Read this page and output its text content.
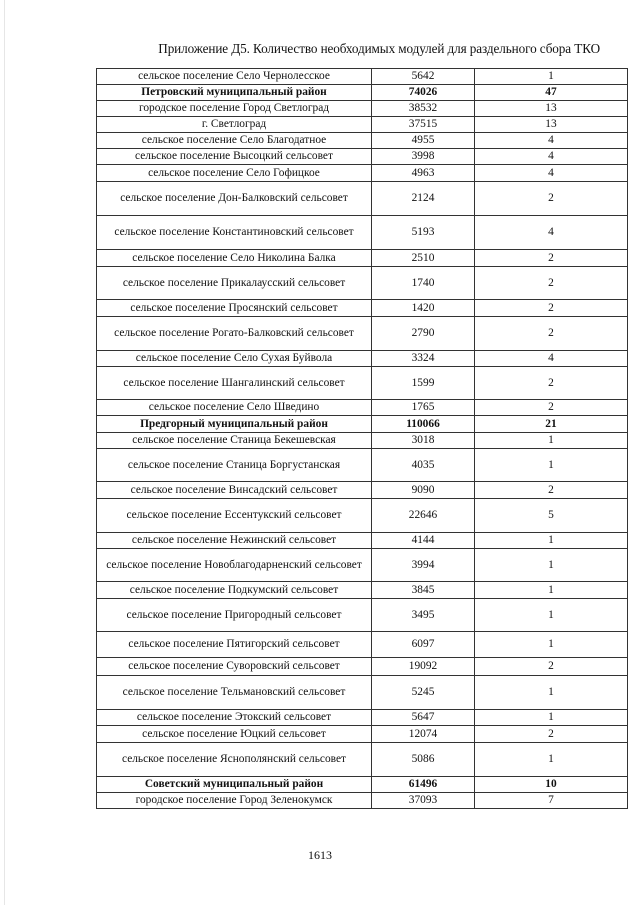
Приложение Д5. Количество необходимых модулей для раздельного сбора ТКО
сельское поселение Село Чернолесское	5642	1
Петровский муниципальный район	74026	47
городское поселение Город Светлоград	38532	13
г. Светлоград	37515	13
сельское поселение Село Благодатное	4955	4
сельское поселение Высоцкий сельсовет	3998	4
сельское поселение Село Гофицкое	4963	4
сельское поселение Дон-Балковский сельсовет	2124	2
сельское поселение Константиновский сельсовет	5193	4
сельское поселение Село Николина Балка	2510	2
сельское поселение Прикалаусский сельсовет	1740	2
сельское поселение Просянский сельсовет	1420	2
сельское поселение Рогато-Балковский сельсовет	2790	2
сельское поселение Село Сухая Буйвола	3324	4
сельское поселение Шангалинский сельсовет	1599	2
сельское поселение Село Шведино	1765	2
Предгорный муниципальный район	110066	21
сельское поселение Станица Бекешевская	3018	1
сельское поселение Станица Боргустанская	4035	1
сельское поселение Винсадский сельсовет	9090	2
сельское поселение Ессентукский сельсовет	22646	5
сельское поселение Нежинский сельсовет	4144	1
сельское поселение Новоблагодарненский сельсовет	3994	1
сельское поселение Подкумский сельсовет	3845	1
сельское поселение Пригородный сельсовет	3495	1
сельское поселение Пятигорский сельсовет	6097	1
сельское поселение Суворовский сельсовет	19092	2
сельское поселение Тельмановский сельсовет	5245	1
сельское поселение Этокский сельсовет	5647	1
сельское поселение Юцкий сельсовет	12074	2
сельское поселение Яснополянский сельсовет	5086	1
Советский муниципальный район	61496	10
городское поселение Город Зеленокумск	37093	7
1613
